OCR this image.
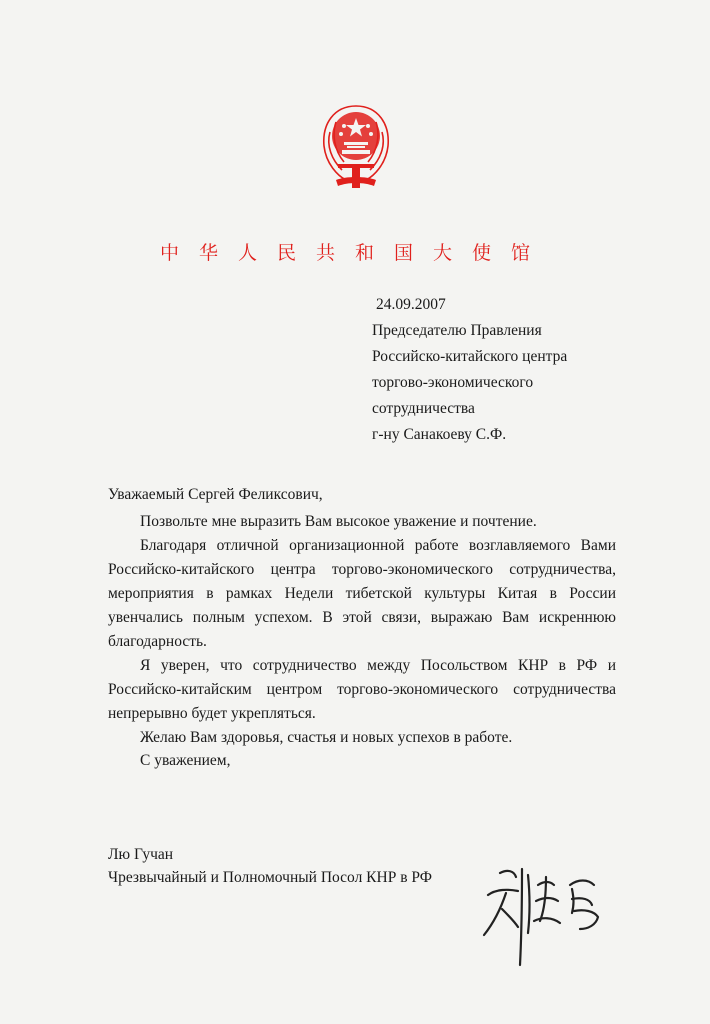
中华人民共和国大使馆
24.09.2007
Председателю Правления
Российско-китайского центра
торгово-экономического
сотрудничества
г-ну Санакоеву С.Ф.
Уважаемый Сергей Феликсович,

Позвольте мне выразить Вам высокое уважение и почтение.

Благодаря отличной организационной работе возглавляемого Вами Российско-китайского центра торгово-экономического сотрудничества, мероприятия в рамках Недели тибетской культуры Китая в России увенчались полным успехом. В этой связи, выражаю Вам искреннюю благодарность.

Я уверен, что сотрудничество между Посольством КНР в РФ и Российско-китайским центром торгово-экономического сотрудничества непрерывно будет укрепляться.

Желаю Вам здоровья, счастья и новых успехов в работе.

С уважением,
Лю Гучан
Чрезвычайный и Полномочный Посол КНР в РФ
